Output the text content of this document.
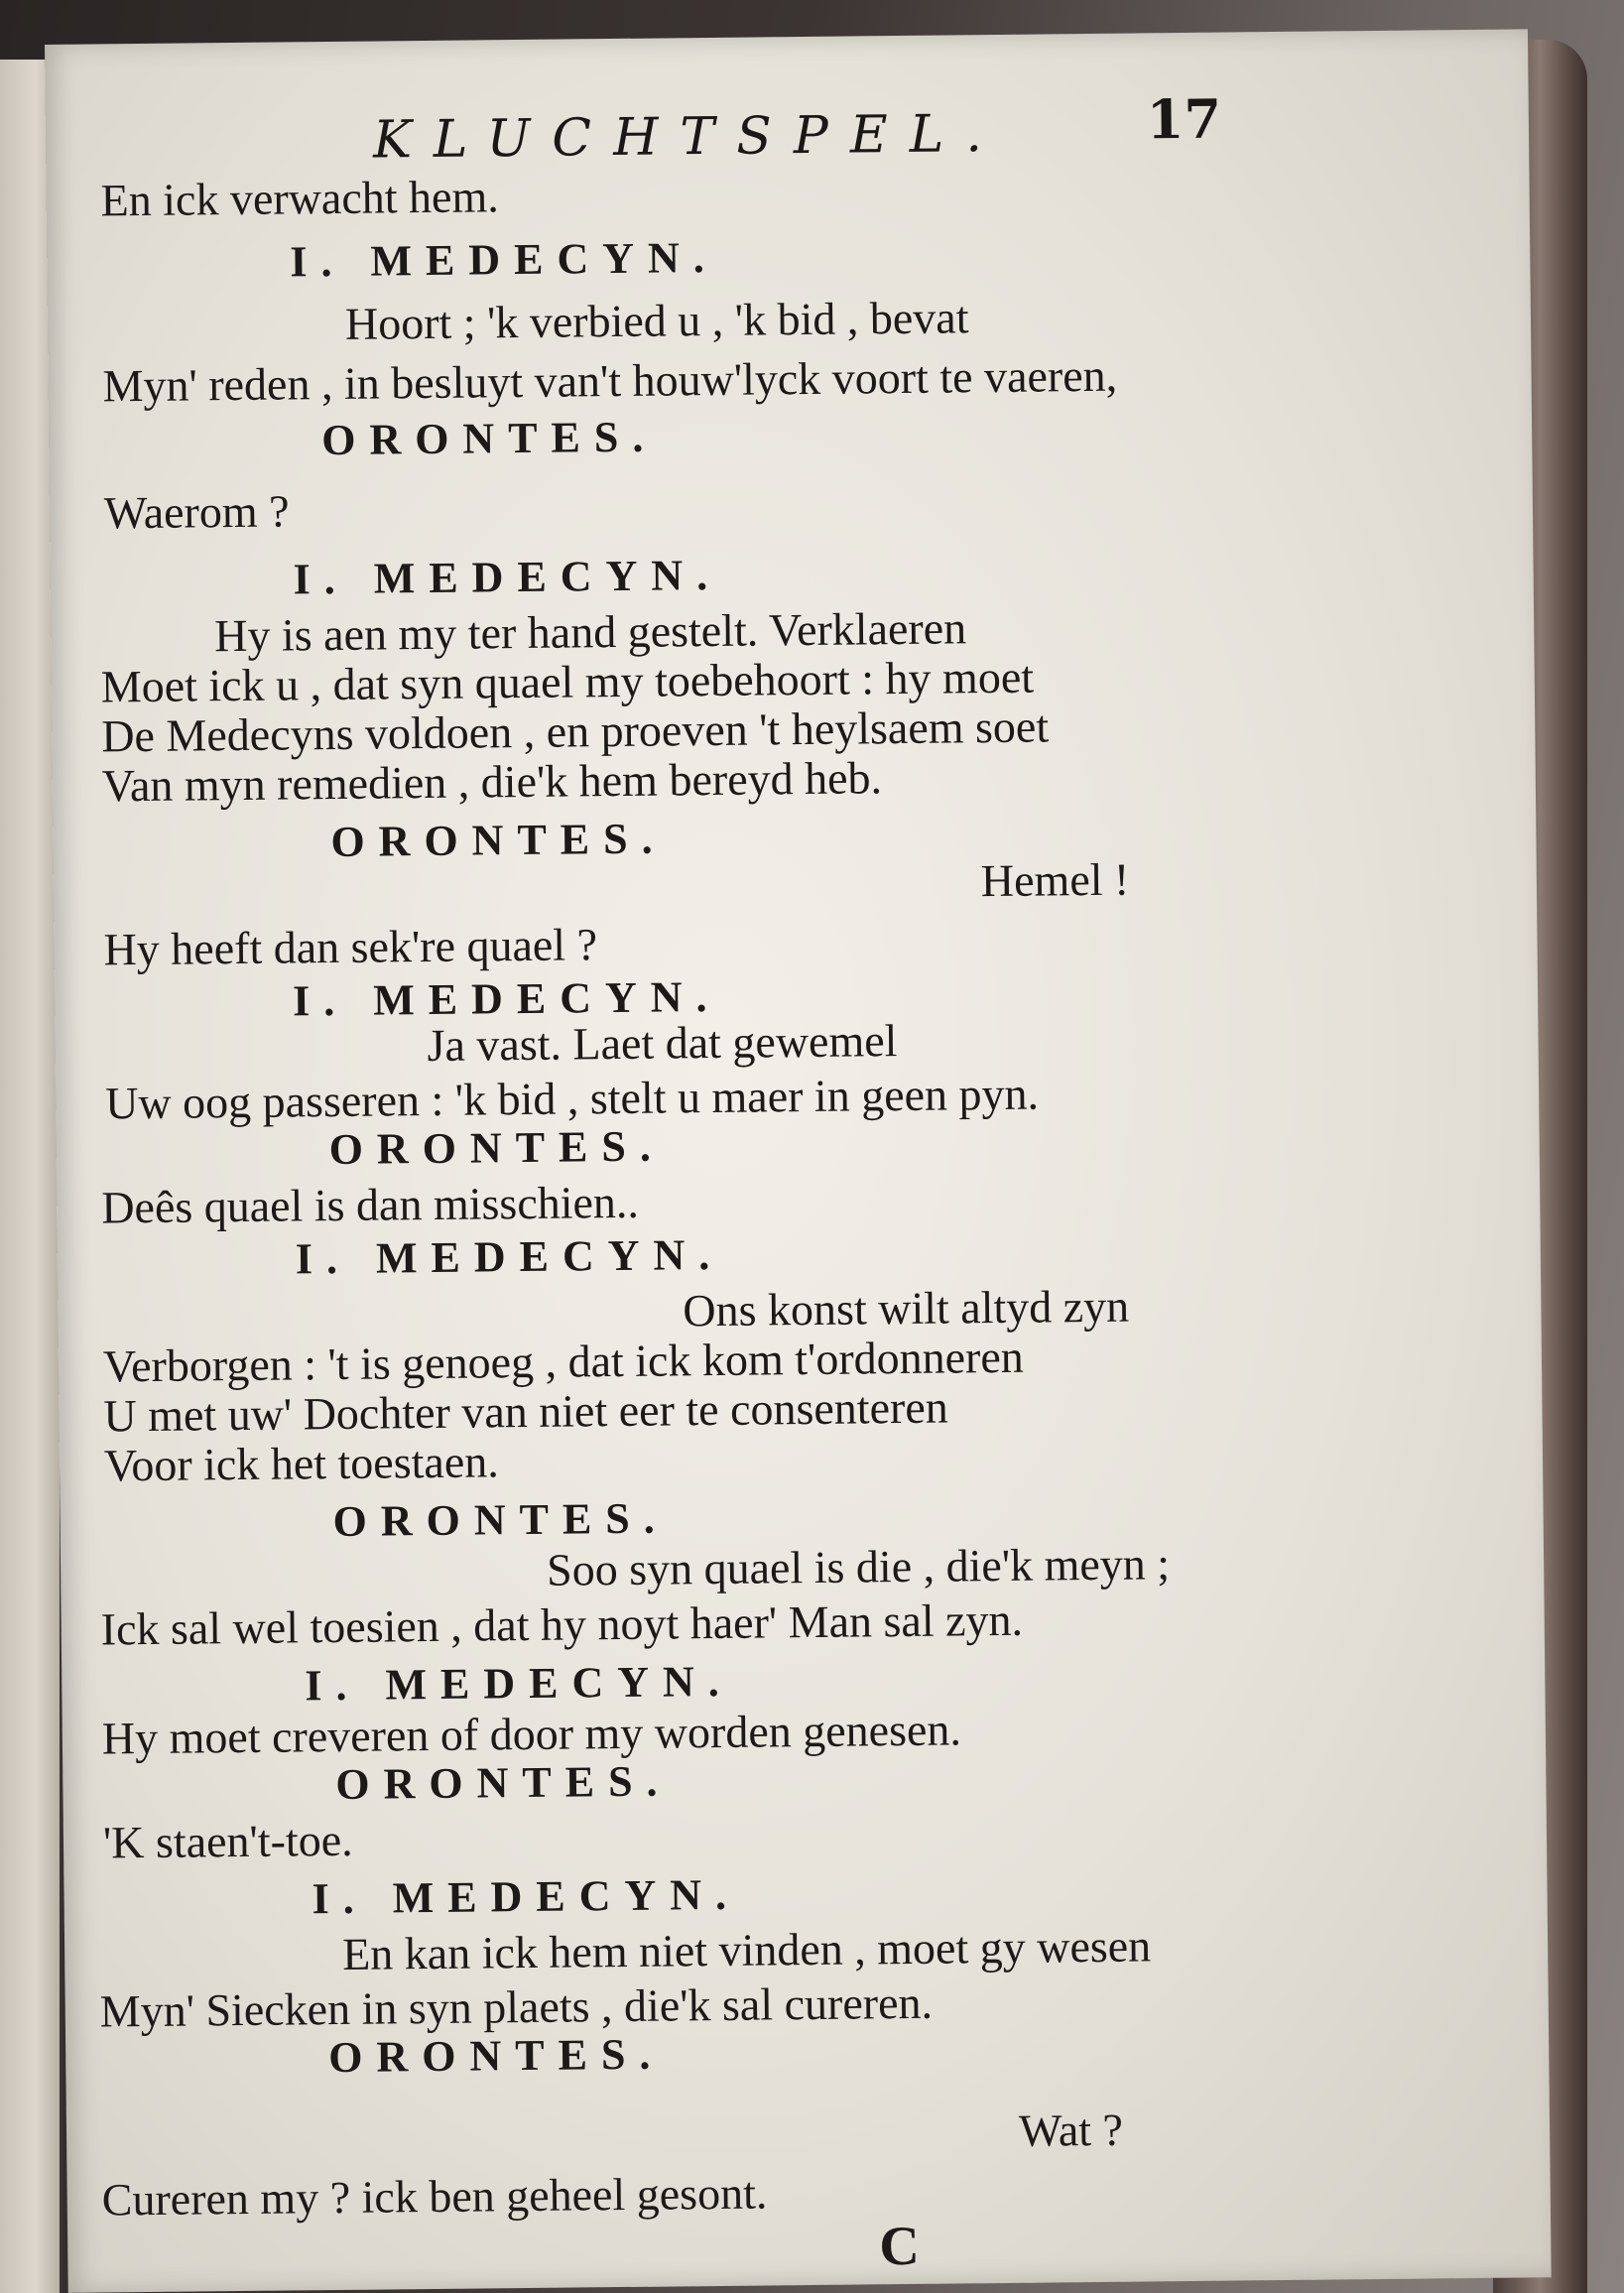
KLUCHTSPEL.	17
En ick verwacht hem.
I. MEDECYN.
Hoort ; 'k verbied u , 'k bid , bevat
Myn' reden , in besluyt van't houw'lyck voort te vaeren,
ORONTES.
Waerom ?
I. MEDECYN.
Hy is aen my ter hand gestelt. Verklaeren
Moet ick u , dat syn quael my toebehoort : hy moet
De Medecyns voldoen , en proeven 't heylsaem soet
Van myn remedien , die'k hem bereyd heb.
ORONTES.
Hemel !
Hy heeft dan sek're quael ?
I. MEDECYN.
Ja vast. Laet dat gewemel
Uw oog passeren : 'k bid , stelt u maer in geen pyn.
ORONTES.
Deês quael is dan misschien..
I. MEDECYN.
Ons konst wilt altyd zyn
Verborgen : 't is genoeg , dat ick kom t'ordonneren
U met uw' Dochter van niet eer te consenteren
Voor ick het toestaen.
ORONTES.
Soo syn quael is die , die'k meyn ;
Ick sal wel toesien , dat hy noyt haer' Man sal zyn.
I. MEDECYN.
Hy moet creveren of door my worden genesen.
ORONTES.
'K staen't-toe.
I. MEDECYN.
En kan ick hem niet vinden , moet gy wesen
Myn' Siecken in syn plaets , die'k sal cureren.
ORONTES.
Wat ?
Cureren my ? ick ben geheel gesont.
C
